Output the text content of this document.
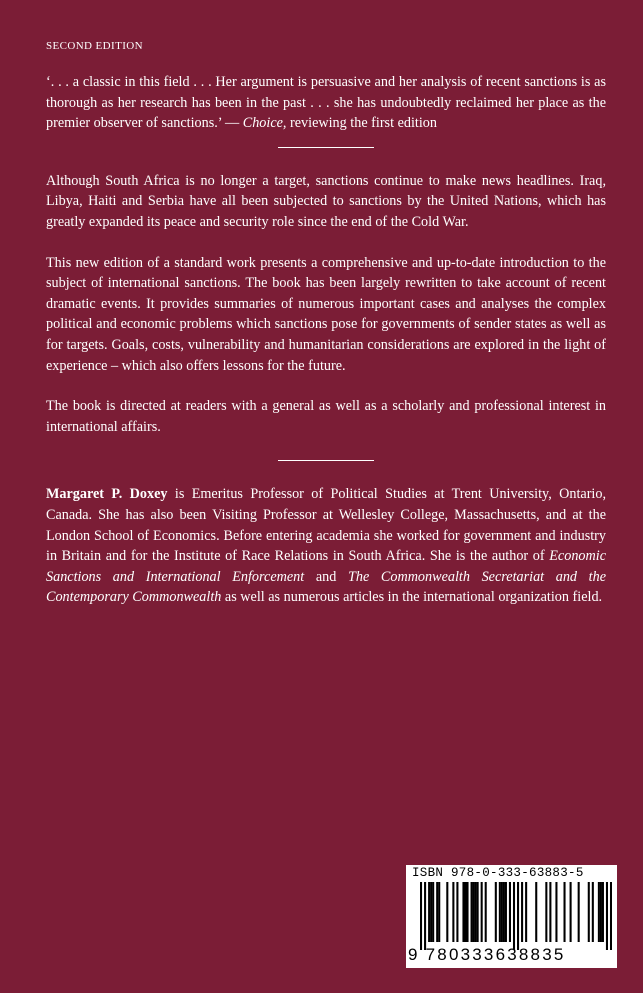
SECOND EDITION

‘. . . a classic in this field . . . Her argument is persuasive and her analysis of recent sanctions is as thorough as her research has been in the past . . . she has undoubtedly reclaimed her place as the premier observer of sanctions.’ — Choice, reviewing the first edition

Although South Africa is no longer a target, sanctions continue to make news headlines. Iraq, Libya, Haiti and Serbia have all been subjected to sanctions by the United Nations, which has greatly expanded its peace and security role since the end of the Cold War.

This new edition of a standard work presents a comprehensive and up-to-date introduction to the subject of international sanctions. The book has been largely rewritten to take account of recent dramatic events. It provides summaries of numerous important cases and analyses the complex political and economic problems which sanctions pose for governments of sender states as well as for targets. Goals, costs, vulnerability and humanitarian considerations are explored in the light of experience – which also offers lessons for the future.

The book is directed at readers with a general as well as a scholarly and professional interest in international affairs.

Margaret P. Doxey is Emeritus Professor of Political Studies at Trent University, Ontario, Canada. She has also been Visiting Professor at Wellesley College, Massachusetts, and at the London School of Economics. Before entering academia she worked for government and industry in Britain and for the Institute of Race Relations in South Africa. She is the author of Economic Sanctions and International Enforcement and The Commonwealth Secretariat and the Contemporary Commonwealth as well as numerous articles in the international organization field.

ISBN 978-0-333-63883-5
9 780333638835
